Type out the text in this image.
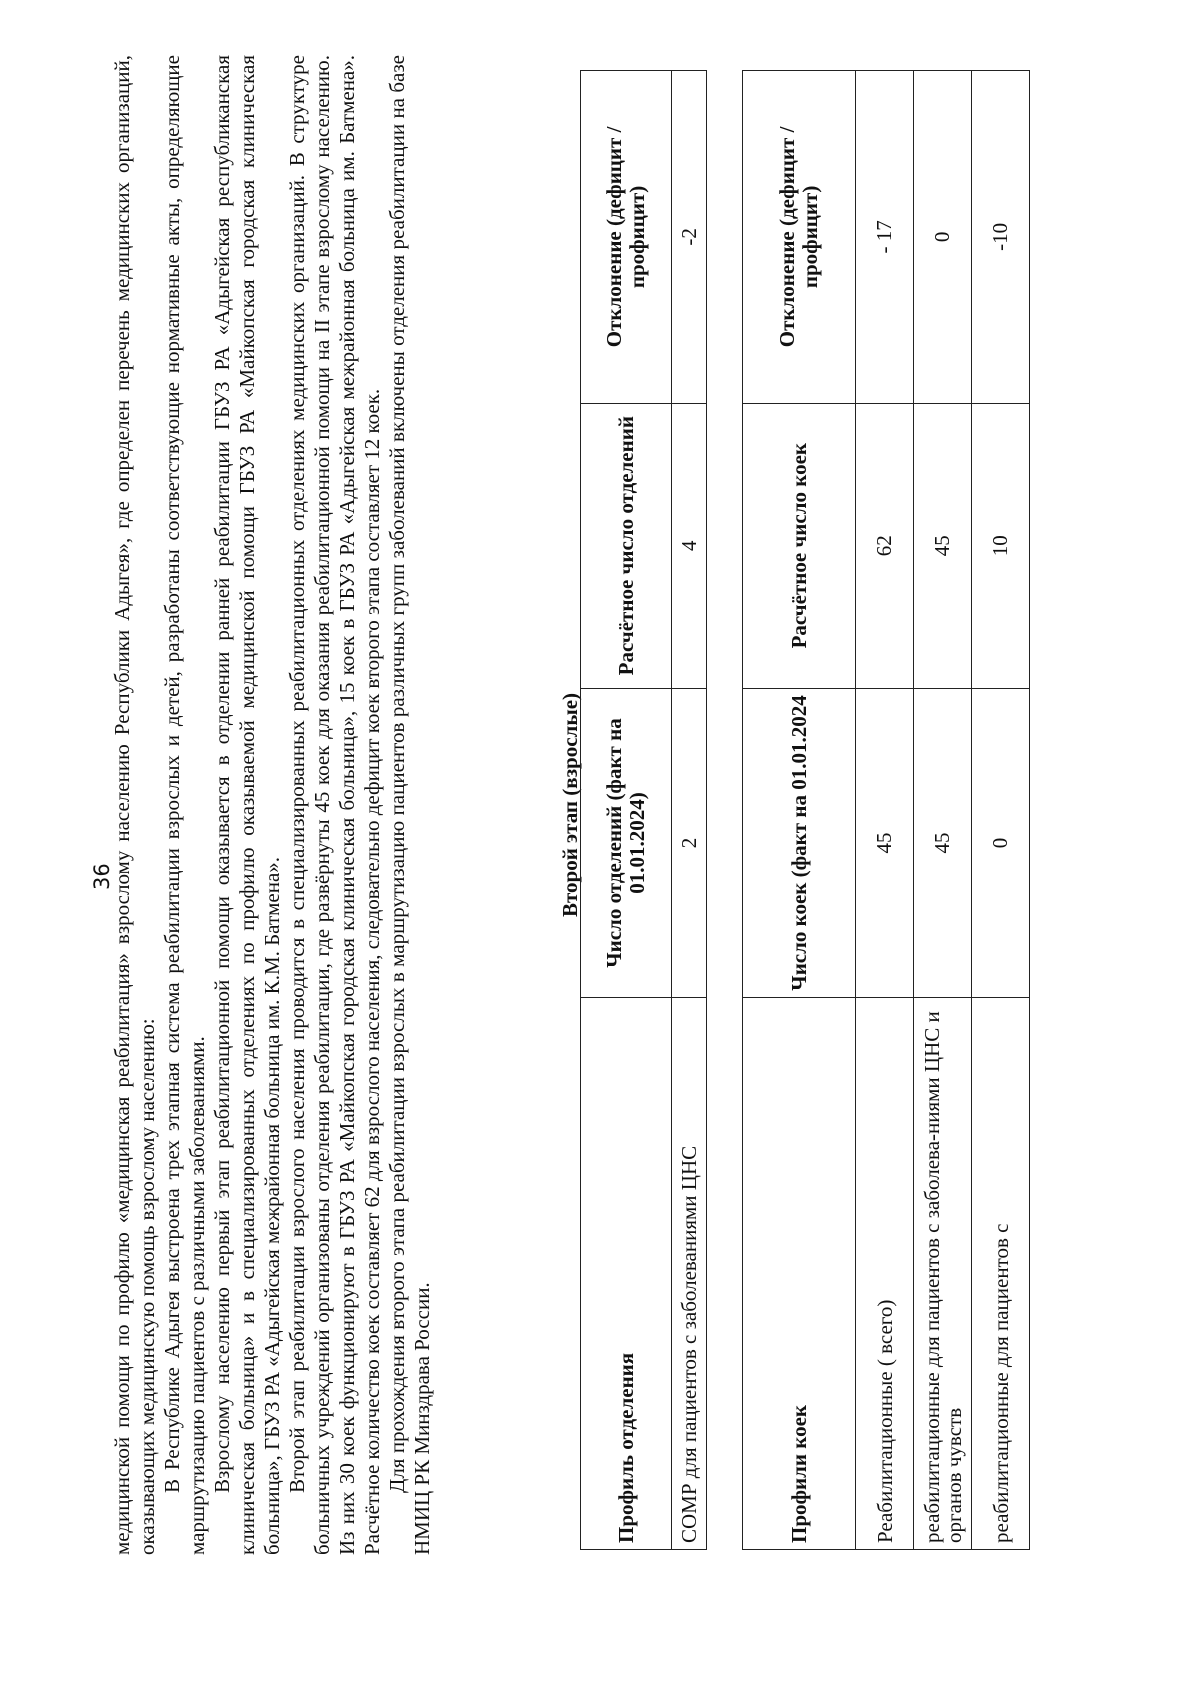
36

медицинской помощи по профилю «медицинская реабилитация» взрослому населению Республики Адыгея», где определен перечень медицинских организаций, оказывающих медицинскую помощь взрослому населению: В Республике Адыгея выстроена трех этапная система реабилитации взрослых и детей, разработаны соответствующие нормативные акты, определяющие маршрутизацию пациентов с различными заболеваниями. Взрослому населению первый этап реабилитационной помощи оказывается в отделении ранней реабилитации ГБУЗ РА «Адыгейская республиканская клиническая больница» и в специализированных отделениях по профилю оказываемой медицинской помощи ГБУЗ РА «Майкопская городская клиническая больница», ГБУЗ РА «Адыгейская межрайонная больница им. К.М. Батмена». Второй этап реабилитации взрослого населения проводится в специализированных реабилитационных отделениях медицинских организаций. В структуре больничных учреждений организованы отделения реабилитации, где развёрнуты 45 коек для оказания реабилитационной помощи на II этапе взрослому населению. Из них 30 коек функционируют в ГБУЗ РА «Майкопская городская клиническая больница», 15 коек в ГБУЗ РА «Адыгейская межрайонная больница им. Батмена». Расчётное количество коек составляет 62 для взрослого населения, следовательно дефицит коек второго этапа составляет 12 коек. Для прохождения второго этапа реабилитации взрослых в маршрутизацию пациентов различных групп заболеваний включены отделения реабилитации на базе НМИЦ РК Минздрава России.

Второй этап (взрослые)
Профиль отделения	Число отделений (факт на 01.01.2024)	Расчётное число отделений	Отклонение (дефицит / профицит)
СОМР для пациентов с заболеваниями ЦНС	2	4	-2
Профили коек	Число коек (факт на 01.01.2024	Расчётное число коек	Отклонение (дефицит / профицит)
Реабилитационные ( всего)	45	62	- 17
реабилитационные для пациентов с заболева-ниями ЦНС и органов чувств	45	45	0
реабилитационные для пациентов с	0	10	-10
